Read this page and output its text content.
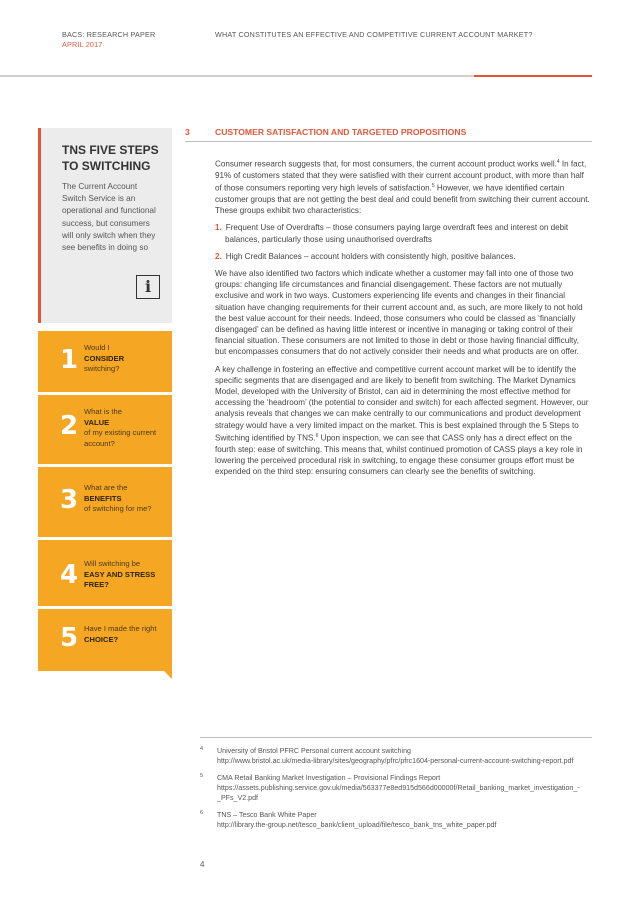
BACS: RESEARCH PAPER
APRIL 2017
WHAT CONSTITUTES AN EFFECTIVE AND COMPETITIVE CURRENT ACCOUNT MARKET?
TNS FIVE STEPS TO SWITCHING
The Current Account Switch Service is an operational and functional success, but consumers will only switch when they see benefits in doing so
i
1 Would I
CONSIDER
switching?
2 What is the
VALUE
of my existing current account?
3 What are the
BENEFITS
of switching for me?
4 Will switching be
EASY AND STRESS FREE?
5 Have I made the right
CHOICE?
3	CUSTOMER SATISFACTION AND TARGETED PROPOSITIONS

Consumer research suggests that, for most consumers, the current account product works well.$^4$ In fact, 91% of customers stated that they were satisfied with their current account product, with more than half of those consumers reporting very high levels of satisfaction.$^5$ However, we have identified certain customer groups that are not getting the best deal and could benefit from switching their current account. These groups exhibit two characteristics:

1. Frequent Use of Overdrafts – those consumers paying large overdraft fees and interest on debit balances, particularly those using unauthorised overdrafts
2. High Credit Balances – account holders with consistently high, positive balances.

We have also identified two factors which indicate whether a customer may fall into one of those two groups: changing life circumstances and financial disengagement. These factors are not mutually exclusive and work in two ways. Customers experiencing life events and changes in their financial situation have changing requirements for their current account and, as such, are more likely to not hold the best value account for their needs. Indeed, those consumers who could be classed as ‘financially disengaged’ can be defined as having little interest or incentive in managing or taking control of their financial situation. These consumers are not limited to those in debt or those having financial difficulty, but encompasses consumers that do not actively consider their needs and what products are on offer.

A key challenge in fostering an effective and competitive current account market will be to identify the specific segments that are disengaged and are likely to benefit from switching. The Market Dynamics Model, developed with the University of Bristol, can aid in determining the most effective method for accessing the ‘headroom’ (the potential to consider and switch) for each affected segment. However, our analysis reveals that changes we can make centrally to our communications and product development strategy would have a very limited impact on the market. This is best explained through the 5 Steps to Switching identified by TNS.$^6$ Upon inspection, we can see that CASS only has a direct effect on the fourth step: ease of switching. This means that, whilst continued promotion of CASS plays a key role in lowering the perceived procedural risk in switching, to engage these consumer groups effort must be expended on the third step: ensuring consumers can clearly see the benefits of switching.

4 University of Bristol PFRC Personal current account switching
http://www.bristol.ac.uk/media-library/sites/geography/pfrc/pfrc1604-personal-current-account-switching-report.pdf
5 CMA Retail Banking Market Investigation – Provisional Findings Report
https://assets.publishing.service.gov.uk/media/563377e8ed915d566d00000f/Retail_banking_market_investigation_-_PFs_V2.pdf
6 TNS – Tesco Bank White Paper
http://library.the-group.net/tesco_bank/client_upload/file/tesco_bank_tns_white_paper.pdf
4
